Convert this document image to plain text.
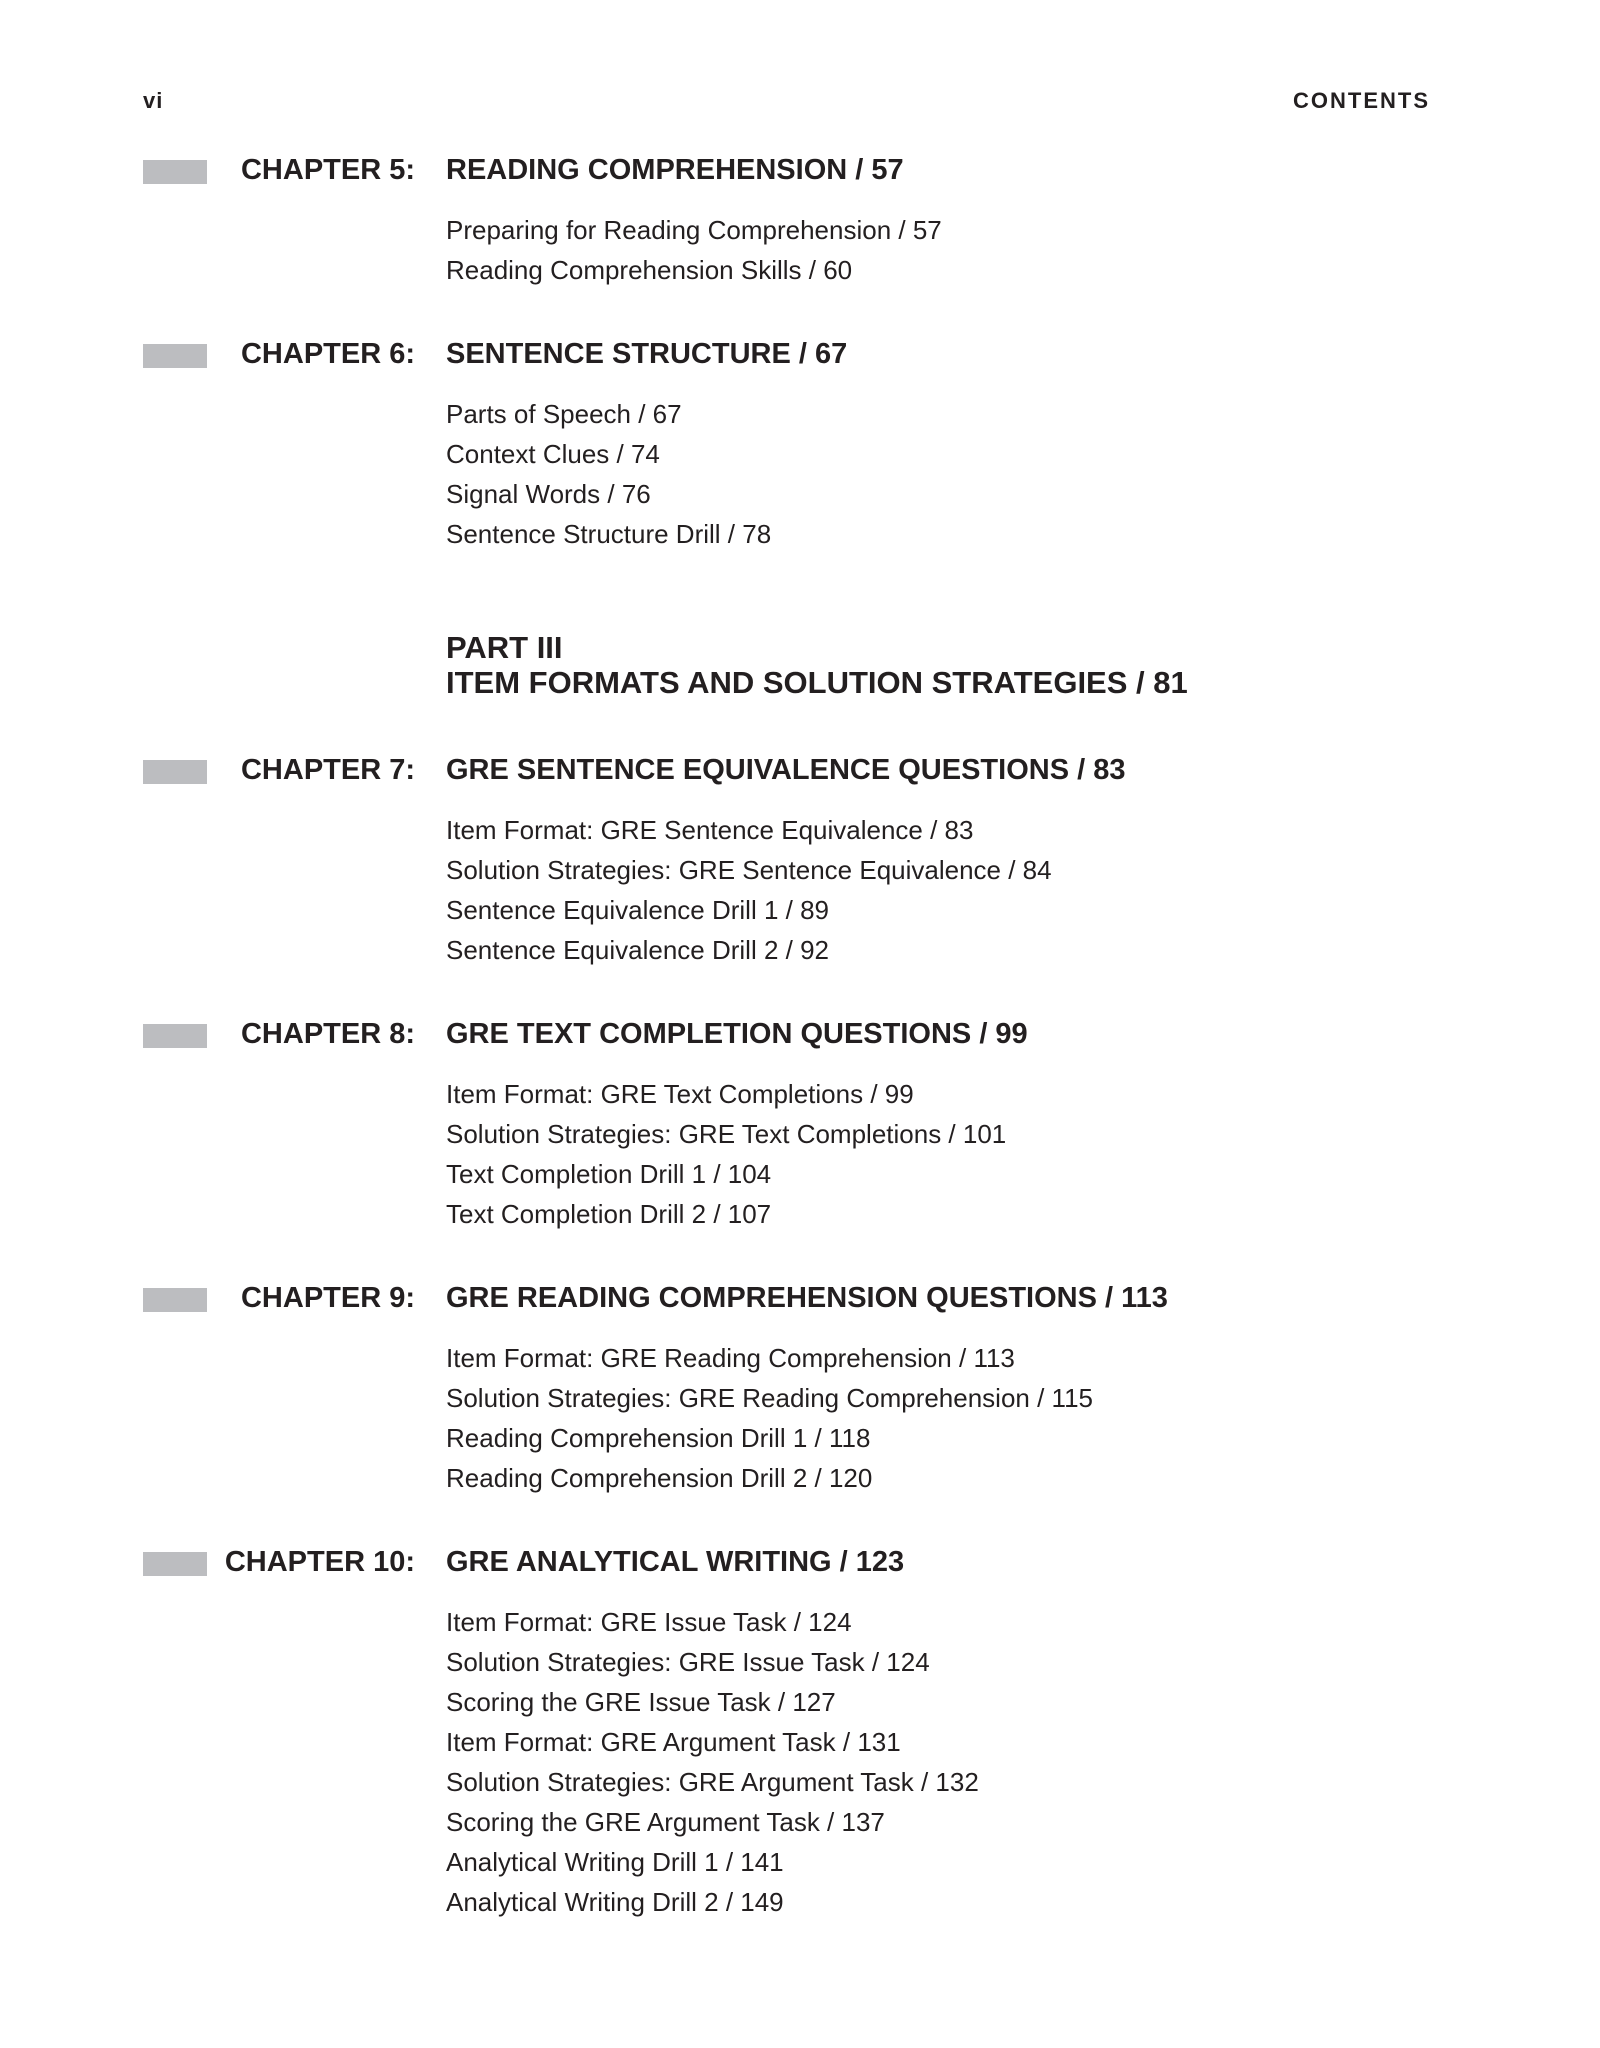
vi	CONTENTS
CHAPTER 5: READING COMPREHENSION / 57
Preparing for Reading Comprehension / 57
Reading Comprehension Skills / 60
CHAPTER 6: SENTENCE STRUCTURE / 67
Parts of Speech / 67
Context Clues / 74
Signal Words / 76
Sentence Structure Drill / 78
PART III
ITEM FORMATS AND SOLUTION STRATEGIES / 81
CHAPTER 7: GRE SENTENCE EQUIVALENCE QUESTIONS / 83
Item Format: GRE Sentence Equivalence / 83
Solution Strategies: GRE Sentence Equivalence / 84
Sentence Equivalence Drill 1 / 89
Sentence Equivalence Drill 2 / 92
CHAPTER 8: GRE TEXT COMPLETION QUESTIONS / 99
Item Format: GRE Text Completions / 99
Solution Strategies: GRE Text Completions / 101
Text Completion Drill 1 / 104
Text Completion Drill 2 / 107
CHAPTER 9: GRE READING COMPREHENSION QUESTIONS / 113
Item Format: GRE Reading Comprehension / 113
Solution Strategies: GRE Reading Comprehension / 115
Reading Comprehension Drill 1 / 118
Reading Comprehension Drill 2 / 120
CHAPTER 10: GRE ANALYTICAL WRITING / 123
Item Format: GRE Issue Task / 124
Solution Strategies: GRE Issue Task / 124
Scoring the GRE Issue Task / 127
Item Format: GRE Argument Task / 131
Solution Strategies: GRE Argument Task / 132
Scoring the GRE Argument Task / 137
Analytical Writing Drill 1 / 141
Analytical Writing Drill 2 / 149
